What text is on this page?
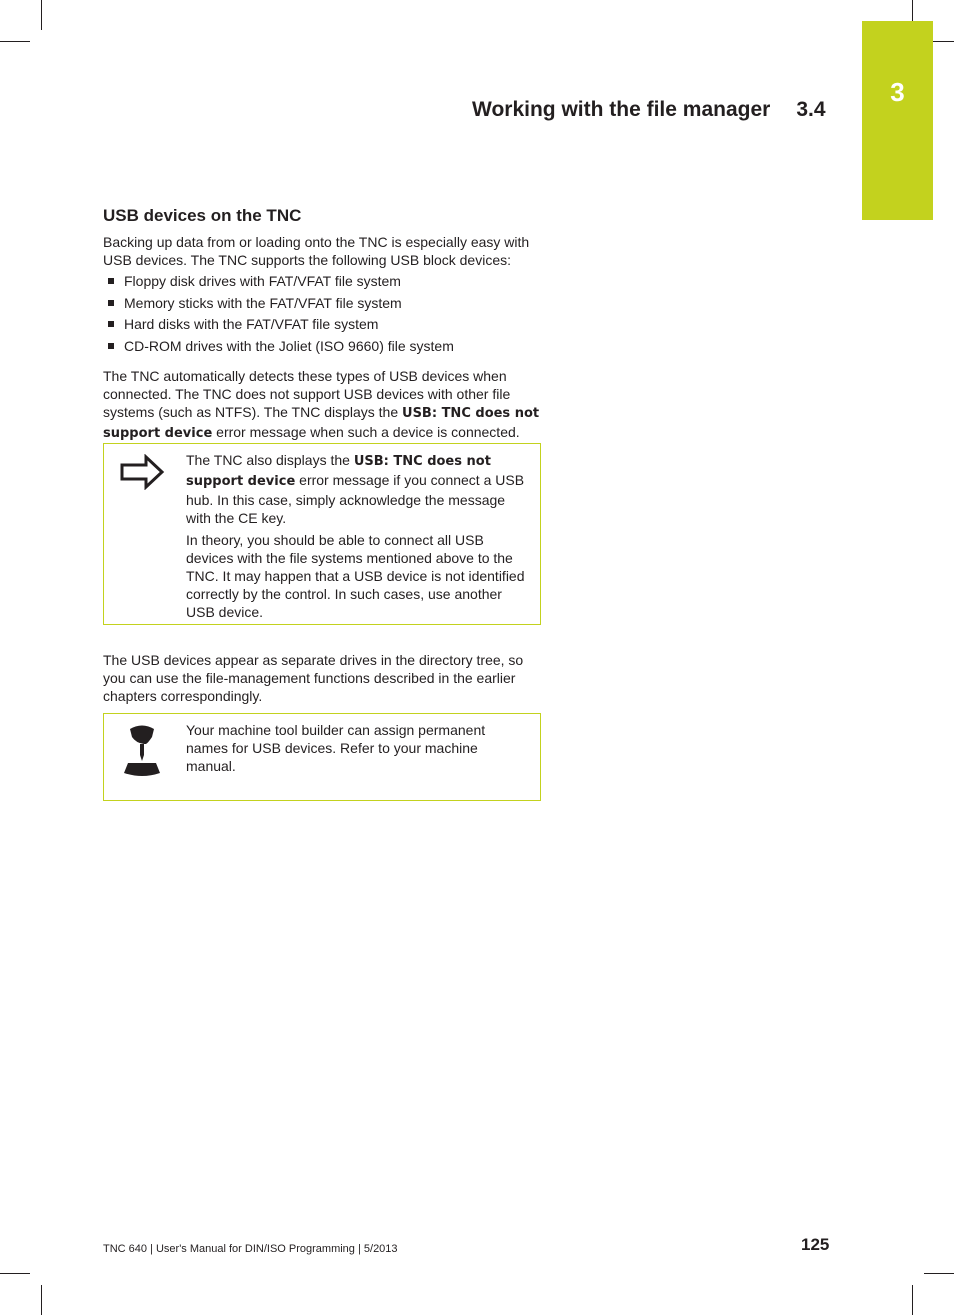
3
Working with the file manager 3.4
USB devices on the TNC

Backing up data from or loading onto the TNC is especially easy with USB devices. The TNC supports the following USB block devices:

Floppy disk drives with FAT/VFAT file system
Memory sticks with the FAT/VFAT file system
Hard disks with the FAT/VFAT file system
CD-ROM drives with the Joliet (ISO 9660) file system

The TNC automatically detects these types of USB devices when connected. The TNC does not support USB devices with other file systems (such as NTFS). The TNC displays the USB: TNC does not support device error message when such a device is connected.

The TNC also displays the USB: TNC does not support device error message if you connect a USB hub. In this case, simply acknowledge the message with the CE key.

In theory, you should be able to connect all USB devices with the file systems mentioned above to the TNC. It may happen that a USB device is not identified correctly by the control. In such cases, use another USB device.

The USB devices appear as separate drives in the directory tree, so you can use the file-management functions described in the earlier chapters correspondingly.

Your machine tool builder can assign permanent names for USB devices. Refer to your machine manual.

TNC 640 | User's Manual for DIN/ISO Programming | 5/2013	125
